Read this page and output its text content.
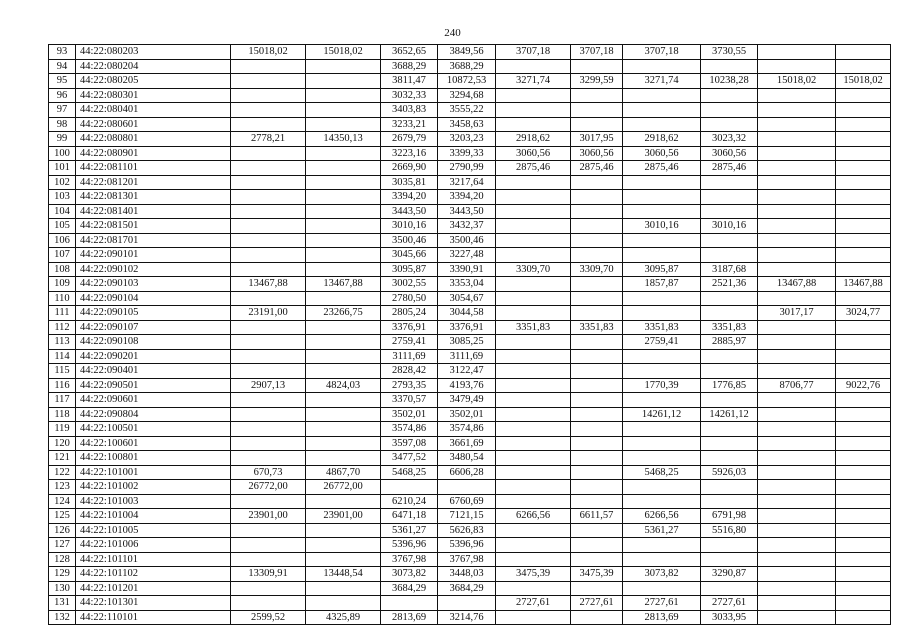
240
93	44:22:080203	15018,02	15018,02	3652,65	3849,56	3707,18	3707,18	3707,18	3730,55		
94	44:22:080204			3688,29	3688,29						
95	44:22:080205			3811,47	10872,53	3271,74	3299,59	3271,74	10238,28	15018,02	15018,02
96	44:22:080301			3032,33	3294,68						
97	44:22:080401			3403,83	3555,22						
98	44:22:080601			3233,21	3458,63						
99	44:22:080801	2778,21	14350,13	2679,79	3203,23	2918,62	3017,95	2918,62	3023,32		
100	44:22:080901			3223,16	3399,33	3060,56	3060,56	3060,56	3060,56		
101	44:22:081101			2669,90	2790,99	2875,46	2875,46	2875,46	2875,46		
102	44:22:081201			3035,81	3217,64						
103	44:22:081301			3394,20	3394,20						
104	44:22:081401			3443,50	3443,50						
105	44:22:081501			3010,16	3432,37			3010,16	3010,16		
106	44:22:081701			3500,46	3500,46						
107	44:22:090101			3045,66	3227,48						
108	44:22:090102			3095,87	3390,91	3309,70	3309,70	3095,87	3187,68		
109	44:22:090103	13467,88	13467,88	3002,55	3353,04			1857,87	2521,36	13467,88	13467,88
110	44:22:090104			2780,50	3054,67						
111	44:22:090105	23191,00	23266,75	2805,24	3044,58					3017,17	3024,77
112	44:22:090107			3376,91	3376,91	3351,83	3351,83	3351,83	3351,83		
113	44:22:090108			2759,41	3085,25			2759,41	2885,97		
114	44:22:090201			3111,69	3111,69						
115	44:22:090401			2828,42	3122,47						
116	44:22:090501	2907,13	4824,03	2793,35	4193,76			1770,39	1776,85	8706,77	9022,76
117	44:22:090601			3370,57	3479,49						
118	44:22:090804			3502,01	3502,01			14261,12	14261,12		
119	44:22:100501			3574,86	3574,86						
120	44:22:100601			3597,08	3661,69						
121	44:22:100801			3477,52	3480,54						
122	44:22:101001	670,73	4867,70	5468,25	6606,28			5468,25	5926,03		
123	44:22:101002	26772,00	26772,00								
124	44:22:101003			6210,24	6760,69						
125	44:22:101004	23901,00	23901,00	6471,18	7121,15	6266,56	6611,57	6266,56	6791,98		
126	44:22:101005			5361,27	5626,83			5361,27	5516,80		
127	44:22:101006			5396,96	5396,96						
128	44:22:101101			3767,98	3767,98						
129	44:22:101102	13309,91	13448,54	3073,82	3448,03	3475,39	3475,39	3073,82	3290,87		
130	44:22:101201			3684,29	3684,29						
131	44:22:101301					2727,61	2727,61	2727,61	2727,61		
132	44:22:110101	2599,52	4325,89	2813,69	3214,76			2813,69	3033,95		
